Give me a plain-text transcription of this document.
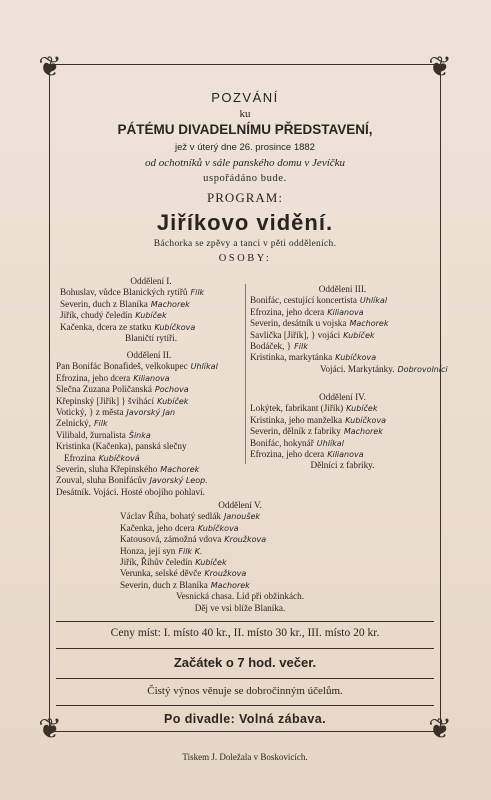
❦	❦
❦	❦
POZVÁNÍ
ku
PÁTÉMU DIVADELNÍMU PŘEDSTAVENÍ,
jež v úterý dne 26. prosince 1882
od ochotníků v sále panského domu v Jevíčku
uspořádáno bude.
PROGRAM:
Jiříkovo vidění.
Báchorka se zpěvy a tanci v pěti odděleních.
OSOBY:
Oddělení I.
Bohuslav, vůdce Blanických rytířů Filk
Severin, duch z Blaníka Machorek
Jiřík, chudý čeledín Kubíček
Kačenka, dcera ze statku Kubíčkova
Blaničtí rytíři.
Oddělení II.
Pan Bonifác Bonafideš, velkokupec Uhlíkal
Efrozina, jeho dcera Kilianova
Slečna Zuzana Poličanská Pochova
Křepinský [Jiřík] } švihácí Kubíček
Votický, } z města Javorský Jan
Zelnický, Filk
Vilibald, žurnalista Šinka
Kristinka (Kačenka), panská slečny
Efrozina Kubíčková
Severin, sluha Křepinského Machorek
Zouval, sluha Bonifácův Javorský Leop.
Desátník. Vojáci. Hosté obojího pohlaví.
Oddělení III.
Bonifác, cestující koncertista Uhlíkal
Efrozina, jeho dcera Kilianova
Severin, desátník u vojska Machorek
Savlička [Jiřík], } vojáci Kubíček
Bodáček, } Filk
Kristinka, markytánka Kubíčkova
Vojáci. Markytánky. Dobrovolníci
Oddělení IV.
Lokýtek, fabrikant (Jiřík) Kubíček
Kristinka, jeho manželka Kubíčkova
Severin, dělník z fabriky Machorek
Bonifác, hokynář Uhlíkal
Efrozina, jeho dcera Kilianova
Dělníci z fabriky.
Oddělení V.
Václav Říha, bohatý sedlák Janoušek
Kačenka, jeho dcera Kubíčkova
Katousová, zámožná vdova Kroužkova
Honza, její syn Filk K.
Jiřík, Říhův čeledín Kubíček
Verunka, selské děvče Kroužkova
Severin, duch z Blaníka Machorek
Vesnická chasa. Lid při obžinkách.
Děj ve vsi blíže Blaníka.
Ceny míst: I. místo 40 kr., II. místo 30 kr., III. místo 20 kr.
Začátek o 7 hod. večer.
Čistý výnos věnuje se dobročinným účelům.
Po divadle: Volná zábava.
Tiskem J. Doležala v Boskovicích.
